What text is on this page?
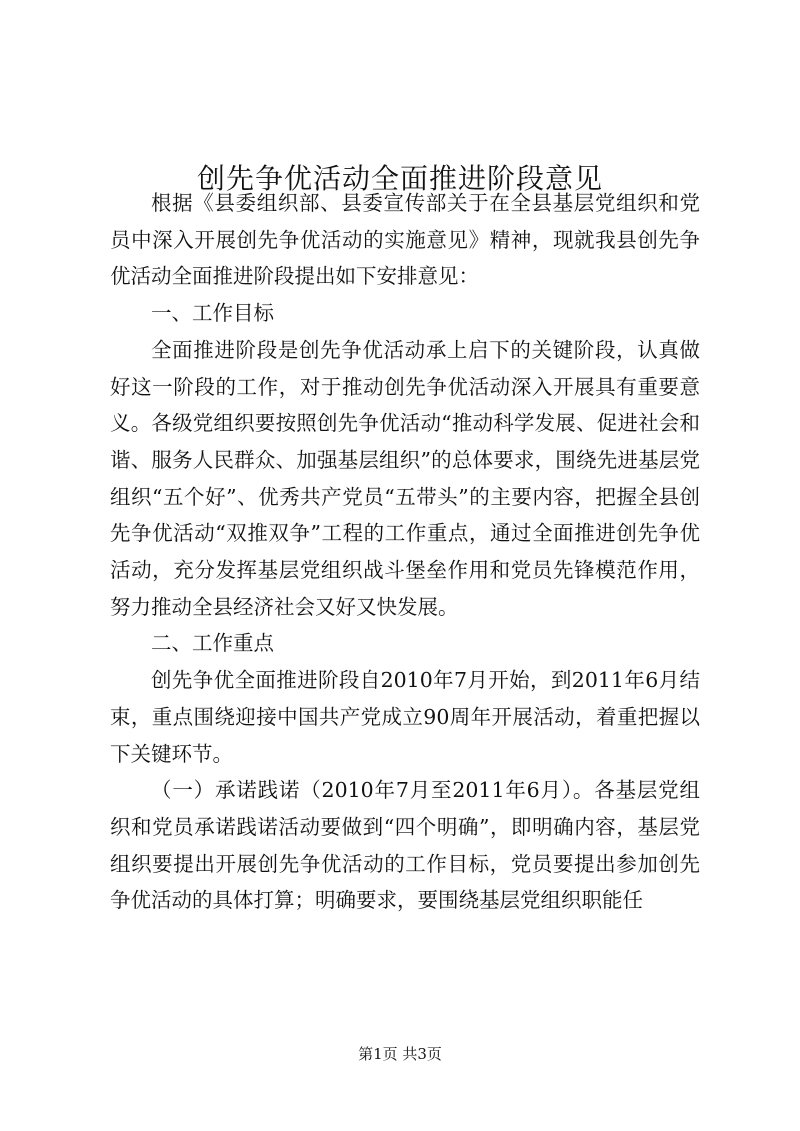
创先争优活动全面推进阶段意见

根据《县委组织部、县委宣传部关于在全县基层党组织和党员中深入开展创先争优活动的实施意见》精神，现就我县创先争优活动全面推进阶段提出如下安排意见：

一、工作目标

全面推进阶段是创先争优活动承上启下的关键阶段，认真做好这一阶段的工作，对于推动创先争优活动深入开展具有重要意义。各级党组织要按照创先争优活动“推动科学发展、促进社会和谐、服务人民群众、加强基层组织”的总体要求，围绕先进基层党组织“五个好”、优秀共产党员“五带头”的主要内容，把握全县创先争优活动“双推双争”工程的工作重点，通过全面推进创先争优活动，充分发挥基层党组织战斗堡垒作用和党员先锋模范作用，努力推动全县经济社会又好又快发展。

二、工作重点

创先争优全面推进阶段自2010年7月开始，到2011年6月结束，重点围绕迎接中国共产党成立90周年开展活动，着重把握以下关键环节。

（一）承诺践诺（2010年7月至2011年6月）。各基层党组织和党员承诺践诺活动要做到“四个明确”，即明确内容，基层党组织要提出开展创先争优活动的工作目标，党员要提出参加创先争优活动的具体打算；明确要求，要围绕基层党组织职能任

第1页 共3页
